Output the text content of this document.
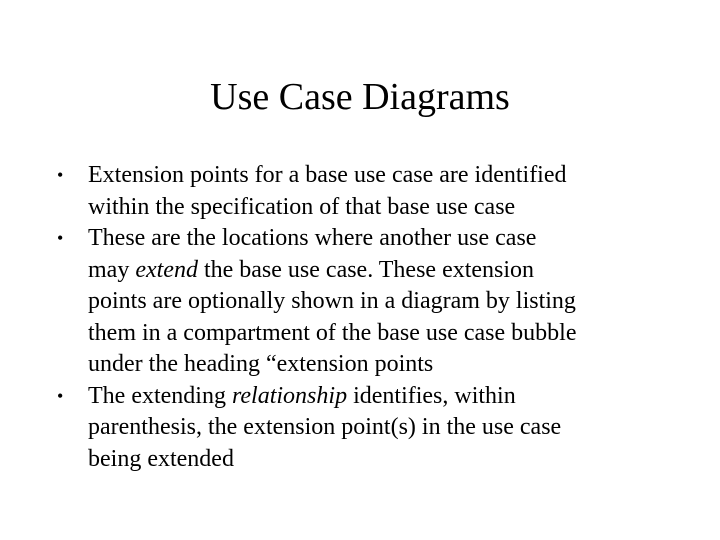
Use Case Diagrams
• Extension points for a base use case are identified
within the specification of that base use case
• These are the locations where another use case
may extend the base use case. These extension
points are optionally shown in a diagram by listing
them in a compartment of the base use case bubble
under the heading “extension points
• The extending relationship identifies, within
parenthesis, the extension point(s) in the use case
being extended
